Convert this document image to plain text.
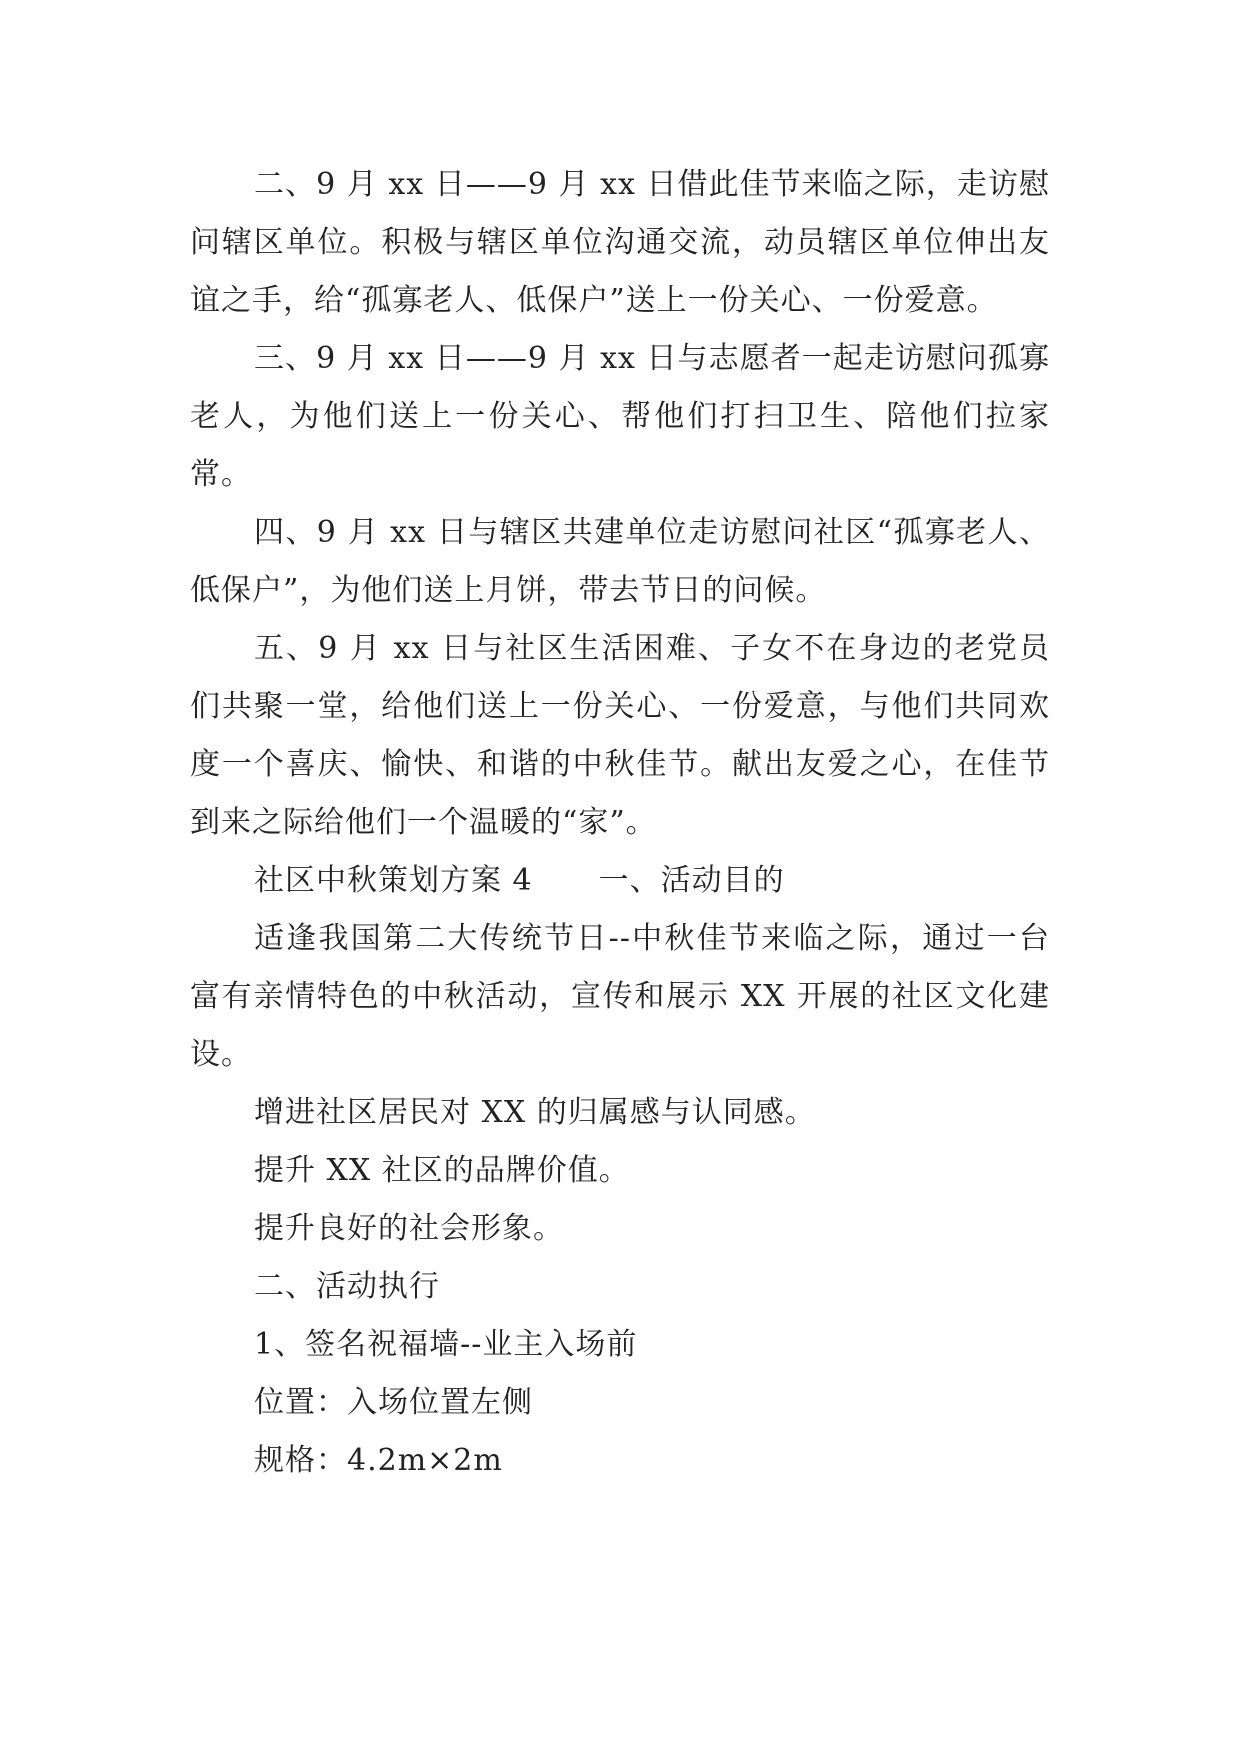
二、9 月 xx 日——9 月 xx 日借此佳节来临之际，走访慰问辖区单位。积极与辖区单位沟通交流，动员辖区单位伸出友谊之手，给“孤寡老人、低保户”送上一份关心、一份爱意。

三、9 月 xx 日——9 月 xx 日与志愿者一起走访慰问孤寡老人，为他们送上一份关心、帮他们打扫卫生、陪他们拉家常。

四、9 月 xx 日与辖区共建单位走访慰问社区“孤寡老人、低保户”，为他们送上月饼，带去节日的问候。

五、9 月 xx 日与社区生活困难、子女不在身边的老党员们共聚一堂，给他们送上一份关心、一份爱意，与他们共同欢度一个喜庆、愉快、和谐的中秋佳节。献出友爱之心，在佳节到来之际给他们一个温暖的“家”。

社区中秋策划方案 4 一、活动目的

适逢我国第二大传统节日--中秋佳节来临之际，通过一台富有亲情特色的中秋活动，宣传和展示 XX 开展的社区文化建设。

增进社区居民对 XX 的归属感与认同感。

提升 XX 社区的品牌价值。

提升良好的社会形象。

二、活动执行

1、签名祝福墙--业主入场前

位置：入场位置左侧

规格：4.2m×2m
